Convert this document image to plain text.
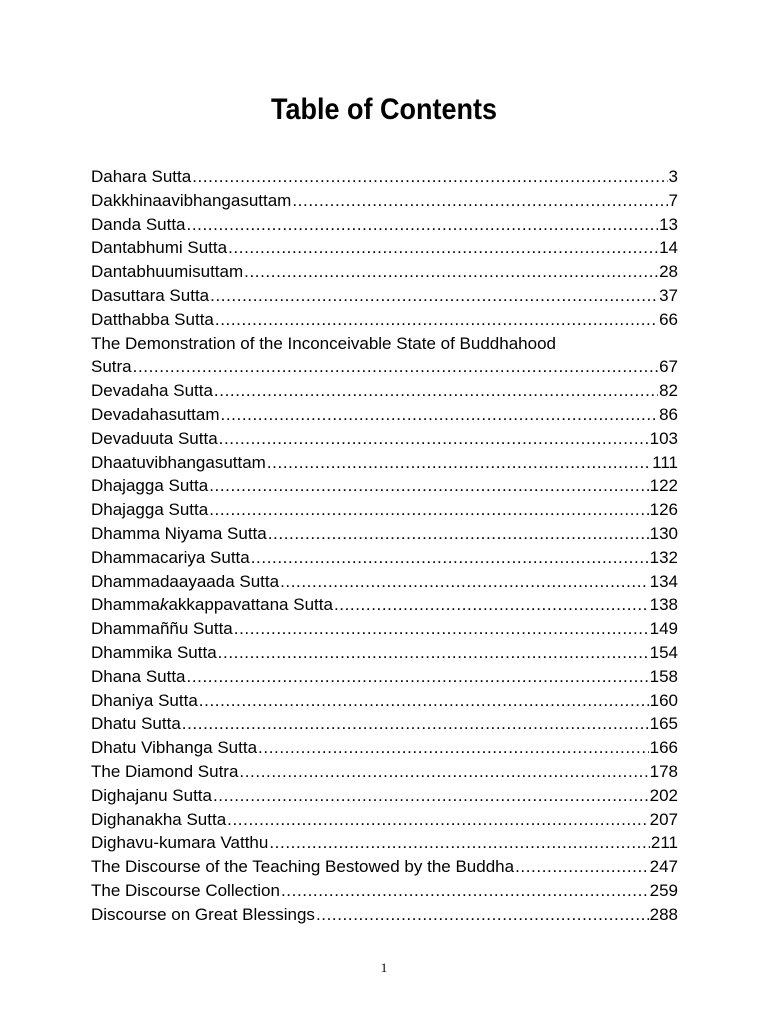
Table of Contents
Dahara Sutta .....	3
Dakkhinaavibhangasuttam .....	7
Danda Sutta .....	13
Dantabhumi Sutta .....	14
Dantabhuumisuttam .....	28
Dasuttara Sutta .....	37
Datthabba Sutta .....	66
The Demonstration of the Inconceivable State of Buddhahood
Sutra .....	67
Devadaha Sutta .....	82
Devadahasuttam .....	86
Devaduuta Sutta .....	103
Dhaatuvibhangasuttam .....	111
Dhajagga Sutta .....	122
Dhajagga Sutta .....	126
Dhamma Niyama Sutta .....	130
Dhammacariya Sutta .....	132
Dhammadaayaada Sutta .....	134
Dhammakakkappavattana Sutta .....	138
Dhammaññu Sutta .....	149
Dhammika Sutta .....	154
Dhana Sutta .....	158
Dhaniya Sutta .....	160
Dhatu Sutta .....	165
Dhatu Vibhanga Sutta .....	166
The Diamond Sutra .....	178
Dighajanu Sutta .....	202
Dighanakha Sutta .....	207
Dighavu-kumara Vatthu .....	211
The Discourse of the Teaching Bestowed by the Buddha .....	247
The Discourse Collection .....	259
Discourse on Great Blessings .....	288
1
